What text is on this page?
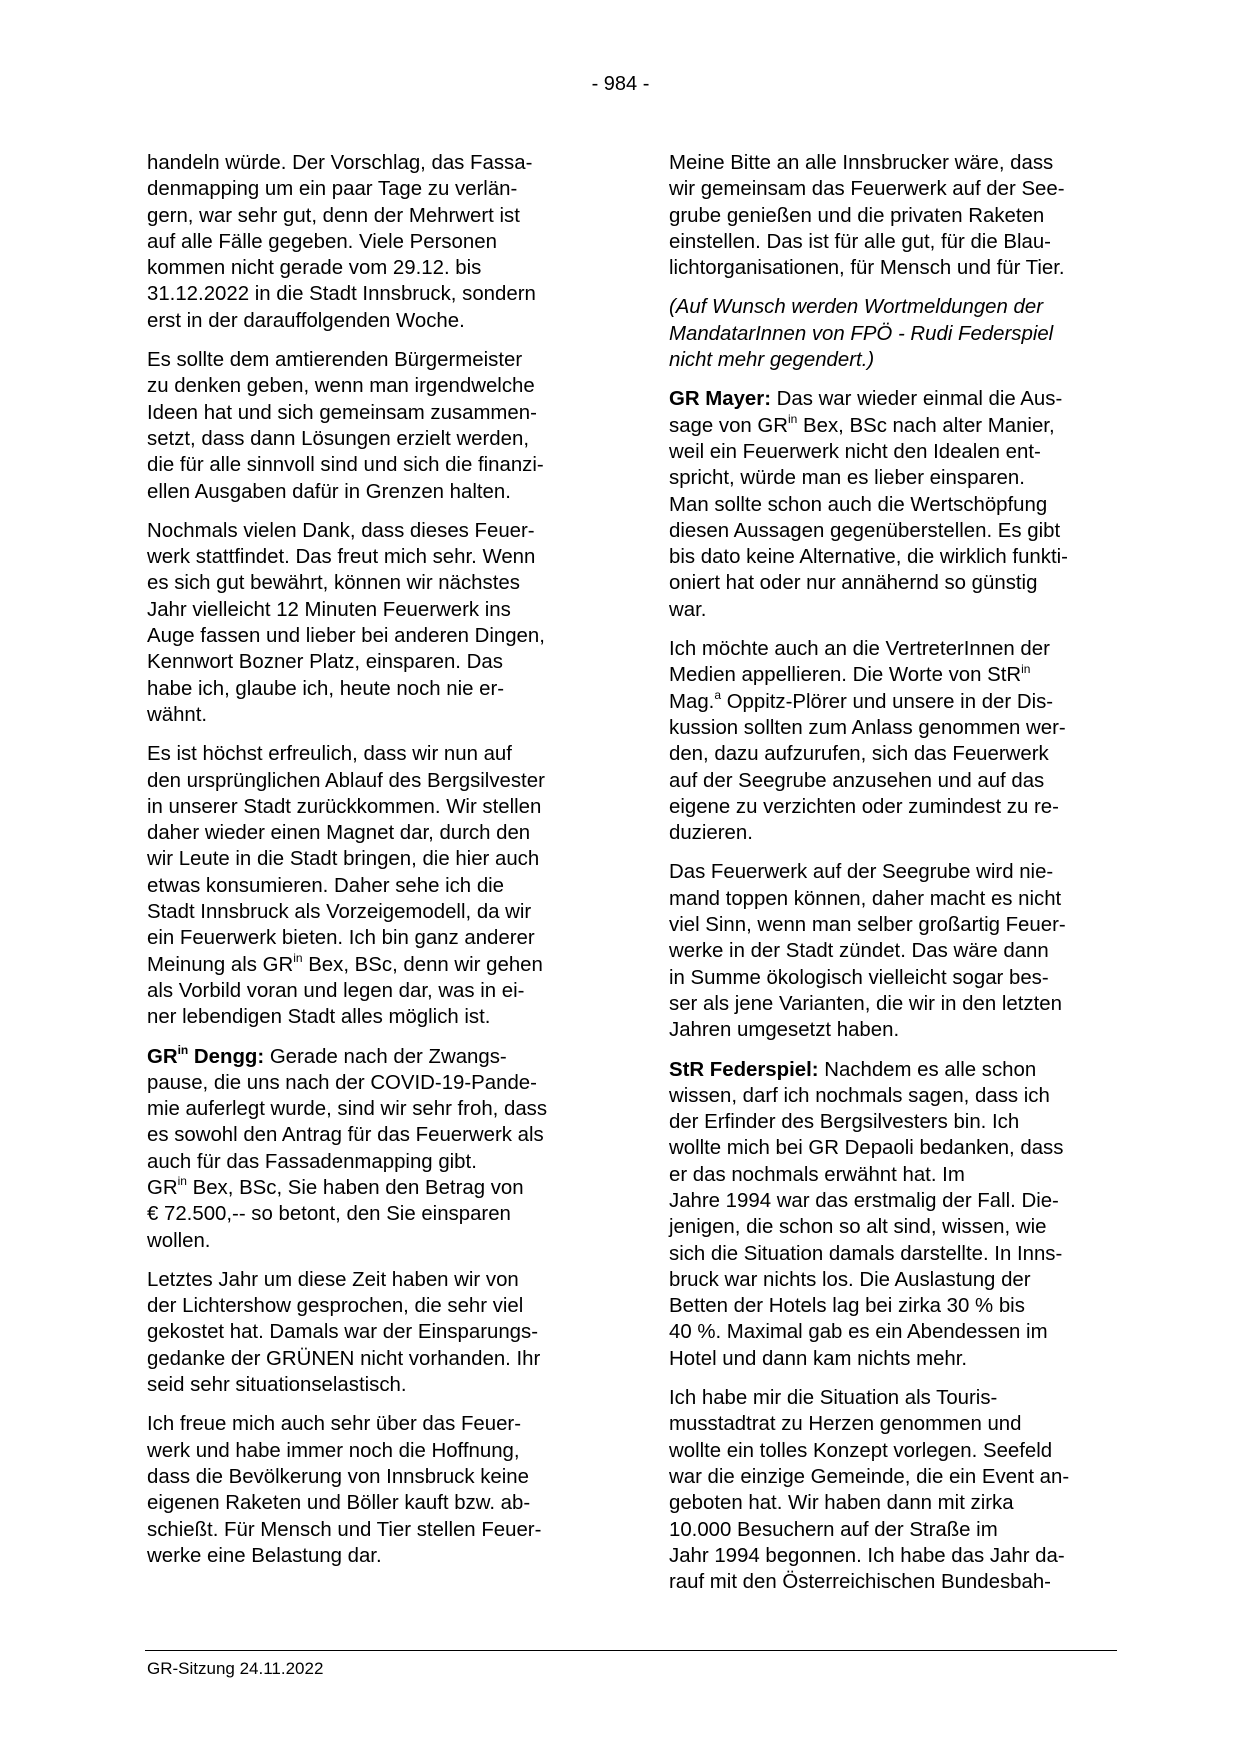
- 984 -

handeln würde. Der Vorschlag, das Fassa-
denmapping um ein paar Tage zu verlän-
gern, war sehr gut, denn der Mehrwert ist
auf alle Fälle gegeben. Viele Personen
kommen nicht gerade vom 29.12. bis
31.12.2022 in die Stadt Innsbruck, sondern
erst in der darauffolgenden Woche.

Es sollte dem amtierenden Bürgermeister
zu denken geben, wenn man irgendwelche
Ideen hat und sich gemeinsam zusammen-
setzt, dass dann Lösungen erzielt werden,
die für alle sinnvoll sind und sich die finanzi-
ellen Ausgaben dafür in Grenzen halten.

Nochmals vielen Dank, dass dieses Feuer-
werk stattfindet. Das freut mich sehr. Wenn
es sich gut bewährt, können wir nächstes
Jahr vielleicht 12 Minuten Feuerwerk ins
Auge fassen und lieber bei anderen Dingen,
Kennwort Bozner Platz, einsparen. Das
habe ich, glaube ich, heute noch nie er-
wähnt.

Es ist höchst erfreulich, dass wir nun auf
den ursprünglichen Ablauf des Bergsilvester
in unserer Stadt zurückkommen. Wir stellen
daher wieder einen Magnet dar, durch den
wir Leute in die Stadt bringen, die hier auch
etwas konsumieren. Daher sehe ich die
Stadt Innsbruck als Vorzeigemodell, da wir
ein Feuerwerk bieten. Ich bin ganz anderer
Meinung als $GR^{in}$ Bex, BSc, denn wir gehen
als Vorbild voran und legen dar, was in ei-
ner lebendigen Stadt alles möglich ist.

$GR^{in}$ Dengg: Gerade nach der Zwangs-
pause, die uns nach der COVID-19-Pande-
mie auferlegt wurde, sind wir sehr froh, dass
es sowohl den Antrag für das Feuerwerk als
auch für das Fassadenmapping gibt.
$GR^{in}$ Bex, BSc, Sie haben den Betrag von
€ 72.500,-- so betont, den Sie einsparen
wollen.

Letztes Jahr um diese Zeit haben wir von
der Lichtershow gesprochen, die sehr viel
gekostet hat. Damals war der Einsparungs-
gedanke der GRÜNEN nicht vorhanden. Ihr
seid sehr situationselastisch.

Ich freue mich auch sehr über das Feuer-
werk und habe immer noch die Hoffnung,
dass die Bevölkerung von Innsbruck keine
eigenen Raketen und Böller kauft bzw. ab-
schießt. Für Mensch und Tier stellen Feuer-
werke eine Belastung dar.

Meine Bitte an alle Innsbrucker wäre, dass
wir gemeinsam das Feuerwerk auf der See-
grube genießen und die privaten Raketen
einstellen. Das ist für alle gut, für die Blau-
lichtorganisationen, für Mensch und für Tier.

(Auf Wunsch werden Wortmeldungen der
MandatarInnen von FPÖ - Rudi Federspiel
nicht mehr gegendert.)

GR Mayer: Das war wieder einmal die Aus-
sage von $GR^{in}$ Bex, BSc nach alter Manier,
weil ein Feuerwerk nicht den Idealen ent-
spricht, würde man es lieber einsparen.
Man sollte schon auch die Wertschöpfung
diesen Aussagen gegenüberstellen. Es gibt
bis dato keine Alternative, die wirklich funkti-
oniert hat oder nur annähernd so günstig
war.

Ich möchte auch an die VertreterInnen der
Medien appellieren. Die Worte von StR$^{in}$
Mag.$^a$ Oppitz-Plörer und unsere in der Dis-
kussion sollten zum Anlass genommen wer-
den, dazu aufzurufen, sich das Feuerwerk
auf der Seegrube anzusehen und auf das
eigene zu verzichten oder zumindest zu re-
duzieren.

Das Feuerwerk auf der Seegrube wird nie-
mand toppen können, daher macht es nicht
viel Sinn, wenn man selber großartig Feuer-
werke in der Stadt zündet. Das wäre dann
in Summe ökologisch vielleicht sogar bes-
ser als jene Varianten, die wir in den letzten
Jahren umgesetzt haben.

StR Federspiel: Nachdem es alle schon
wissen, darf ich nochmals sagen, dass ich
der Erfinder des Bergsilvesters bin. Ich
wollte mich bei GR Depaoli bedanken, dass
er das nochmals erwähnt hat. Im
Jahre 1994 war das erstmalig der Fall. Die-
jenigen, die schon so alt sind, wissen, wie
sich die Situation damals darstellte. In Inns-
bruck war nichts los. Die Auslastung der
Betten der Hotels lag bei zirka 30 % bis
40 %. Maximal gab es ein Abendessen im
Hotel und dann kam nichts mehr.

Ich habe mir die Situation als Touris-
musstadtrat zu Herzen genommen und
wollte ein tolles Konzept vorlegen. Seefeld
war die einzige Gemeinde, die ein Event an-
geboten hat. Wir haben dann mit zirka
10.000 Besuchern auf der Straße im
Jahr 1994 begonnen. Ich habe das Jahr da-
rauf mit den Österreichischen Bundesbah-

GR-Sitzung 24.11.2022
